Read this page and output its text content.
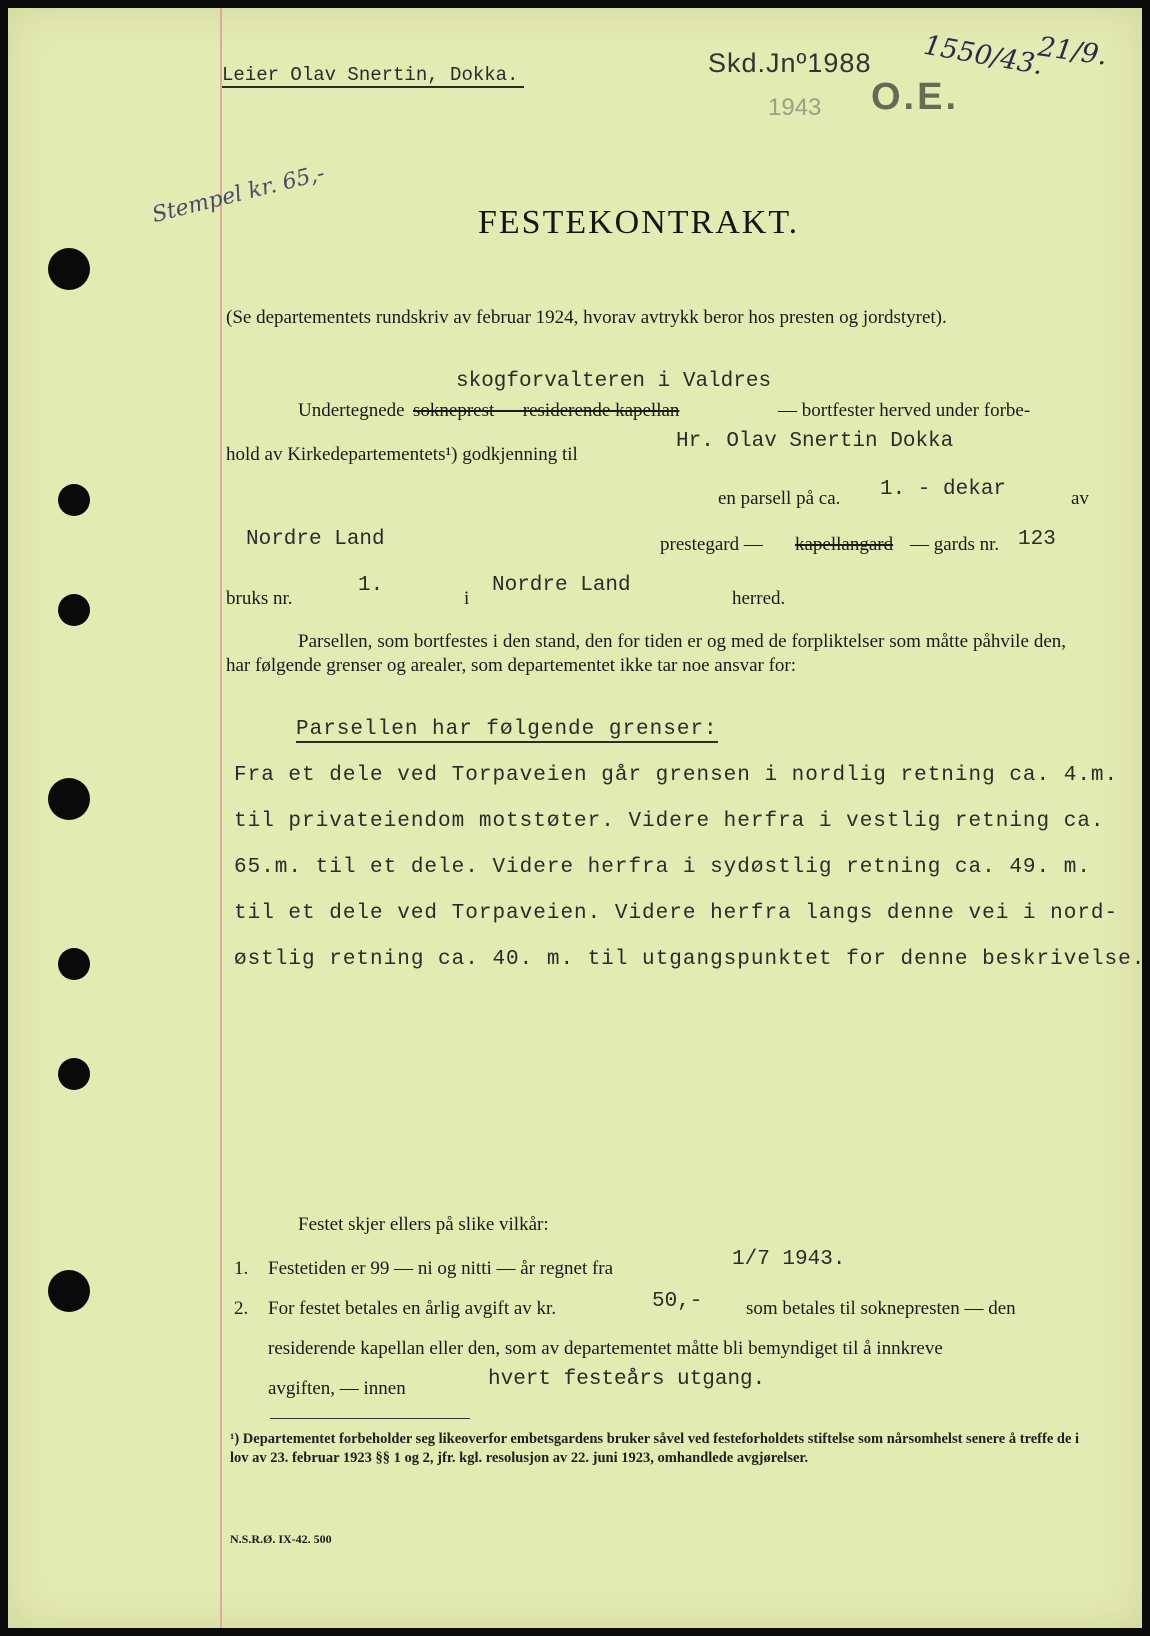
Leier Olav Snertin, Dokka.	Skd.Jnº1988
1943 O.E.
1550/43.
21/9.
Stempel kr. 65,-	FESTEKONTRAKT.
(Se departementets rundskriv av februar 1924, hvorav avtrykk beror hos presten og jordstyret).
skogforvalteren i Valdres
Undertegnede sokneprest — residerende kapellan	— bortfester herved under forbe-
hold av Kirkedepartementets¹) godkjenning til
Hr. Olav Snertin Dokka
en parsell på ca. 1. - dekar	av
Nordre Land	prestegard — kapellangard — gards nr. 123
bruks nr.
1.
i
Nordre Land
herred.
Parsellen, som bortfestes i den stand, den for tiden er og med de forpliktelser som måtte påhvile den, har følgende grenser og arealer, som departementet ikke tar noe ansvar for:
Parsellen har følgende grenser:
Fra et dele ved Torpaveien går grensen i nordlig retning ca. 4.m.
til privateiendom motstøter. Videre herfra i vestlig retning ca.
65.m. til et dele. Videre herfra i sydøstlig retning ca. 49. m.
til et dele ved Torpaveien. Videre herfra langs denne vei i nord-
østlig retning ca. 40. m. til utgangspunktet for denne beskrivelse.
Festet skjer ellers på slike vilkår:
1. Festetiden er 99 — ni og nitti — år regnet fra	1/7 1943.
2. For festet betales en årlig avgift av kr.	50,- som betales til soknepresten — den
residerende kapellan eller den, som av departementet måtte bli bemyndiget til å innkreve
avgiften, — innen	hvert festeårs utgang.
¹) Departementet forbeholder seg likeoverfor embetsgardens bruker såvel ved festeforholdets stiftelse som nårsomhelst senere å treffe de i lov av 23. februar 1923 §§ 1 og 2, jfr. kgl. resolusjon av 22. juni 1923, omhandlede avgjørelser.
N.S.R.Ø. IX-42. 500
